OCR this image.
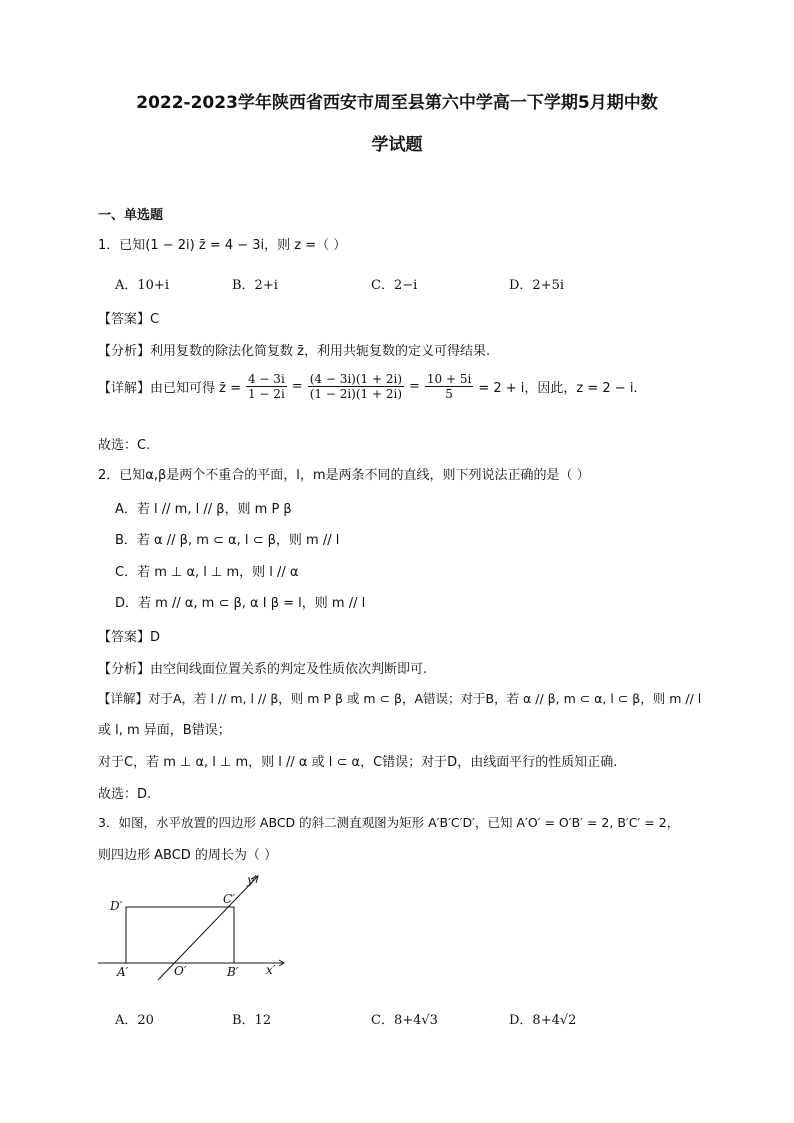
2022-2023学年陕西省西安市周至县第六中学高一下学期5月期中数
学试题
一、单选题
1．已知(1 − 2i) z̄ = 4 − 3i，则 z =（ ）
A．10+i	B．2+i	C．2−i	D．2+5i
【答案】C
【分析】利用复数的除法化简复数 z̄，利用共轭复数的定义可得结果.
【详解】由已知可得 z̄ = $\frac{4 - 3i}{1 - 2i} = \frac{(4 - 3i)(1 + 2i)}{(1 - 2i)(1 + 2i)} = \frac{10 + 5i}{5} = 2 + i$，因此，z = 2 − i.
故选：C.
2．已知α,β是两个不重合的平面，l，m是两条不同的直线，则下列说法正确的是（ ）
A．若 l // m, l // β，则 m P β
B．若 α // β, m ⊂ α, l ⊂ β，则 m // l
C．若 m ⊥ α, l ⊥ m，则 l // α
D．若 m // α, m ⊂ β, α I β = l，则 m // l
【答案】D
【分析】由空间线面位置关系的判定及性质依次判断即可.
【详解】对于A，若 l // m, l // β，则 m P β 或 m ⊂ β，A错误；对于B，若 α // β, m ⊂ α, l ⊂ β，则 m // l
或 l, m 异面，B错误；
对于C，若 m ⊥ α, l ⊥ m，则 l // α 或 l ⊂ α，C错误；对于D，由线面平行的性质知正确.
故选：D.
3．如图，水平放置的四边形 ABCD 的斜二测直观图为矩形 A′B′C′D′，已知 A′O′ = O′B′ = 2, B′C′ = 2，
则四边形 ABCD 的周长为（ ）
D′	C′
A′	O′	B′ x′
y′
A．20	B．12	C．8+4√3	D．8+4√2
